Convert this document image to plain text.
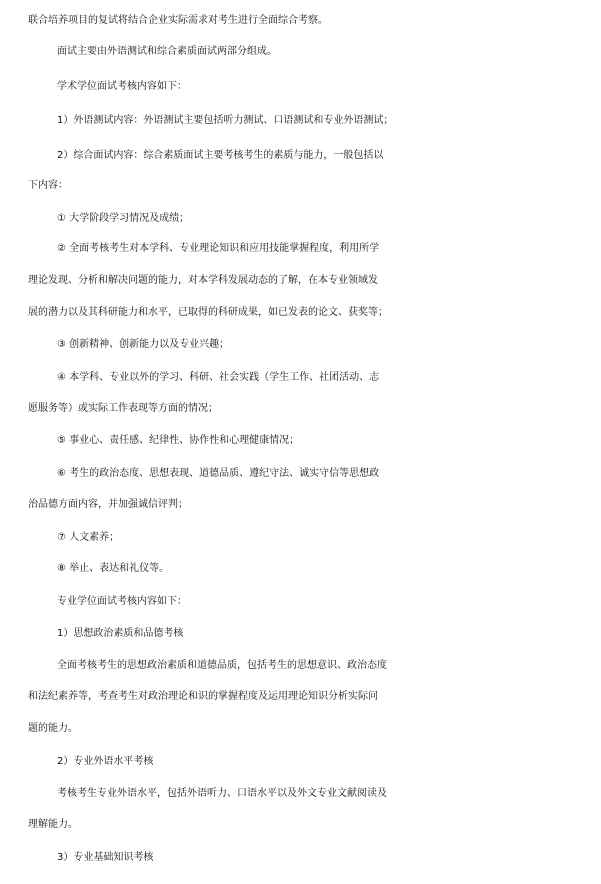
联合培养项目的复试将结合企业实际需求对考生进行全面综合考察。
面试主要由外语测试和综合素质面试两部分组成。
学术学位面试考核内容如下：
1）外语测试内容：外语测试主要包括听力测试、口语测试和专业外语测试；
2）综合面试内容：综合素质面试主要考核考生的素质与能力，一般包括以
下内容：
① 大学阶段学习情况及成绩；
② 全面考核考生对本学科、专业理论知识和应用技能掌握程度，利用所学
理论发现、分析和解决问题的能力，对本学科发展动态的了解，在本专业领域发
展的潜力以及其科研能力和水平，已取得的科研成果，如已发表的论文、获奖等；
③ 创新精神、创新能力以及专业兴趣；
④ 本学科、专业以外的学习、科研、社会实践（学生工作、社团活动、志
愿服务等）或实际工作表现等方面的情况；
⑤ 事业心、责任感、纪律性、协作性和心理健康情况；
⑥ 考生的政治态度、思想表现、道德品质、遵纪守法、诚实守信等思想政
治品德方面内容，并加强诚信评判；
⑦ 人文素养；
⑧ 举止、表达和礼仪等。
专业学位面试考核内容如下：
1）思想政治素质和品德考核
全面考核考生的思想政治素质和道德品质，包括考生的思想意识、政治态度
和法纪素养等，考查考生对政治理论和识的掌握程度及运用理论知识分析实际问
题的能力。
2）专业外语水平考核
考核考生专业外语水平，包括外语听力、口语水平以及外文专业文献阅读及
理解能力。
3）专业基础知识考核
